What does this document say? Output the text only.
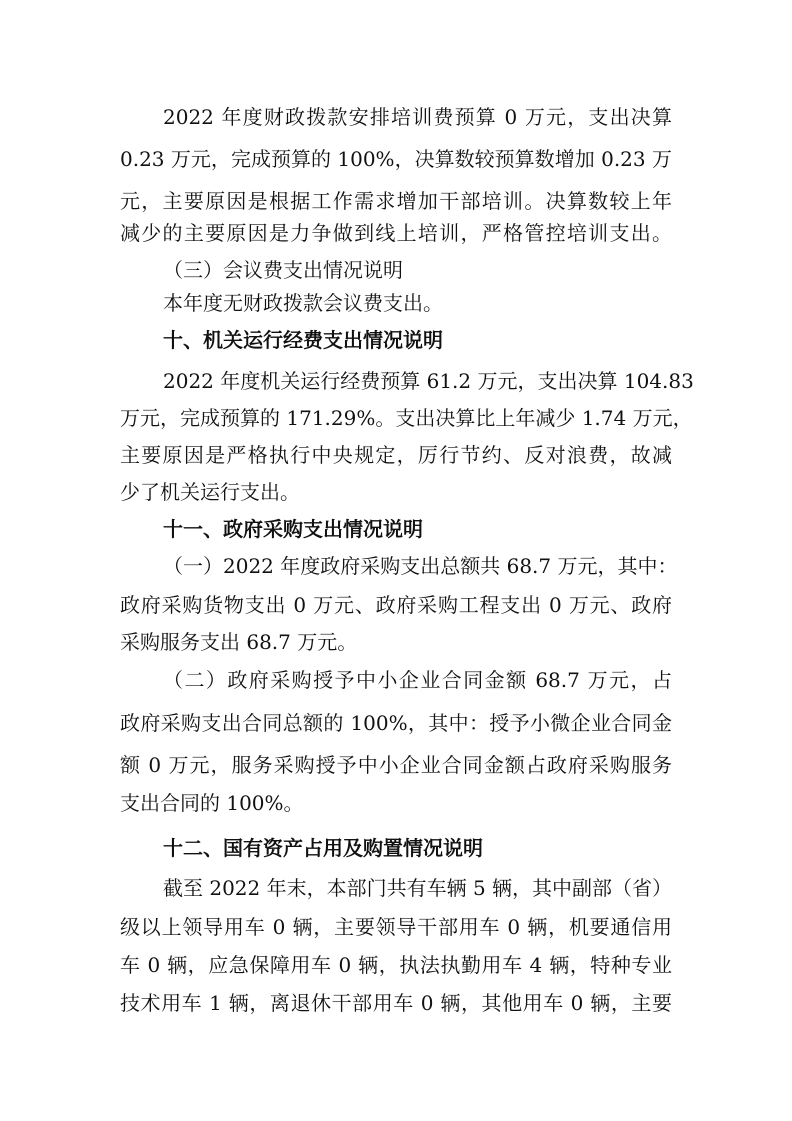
2022 年度财政拨款安排培训费预算 0 万元，支出决算
0.23 万元，完成预算的 100%，决算数较预算数增加 0.23 万
元，主要原因是根据工作需求增加干部培训。决算数较上年
减少的主要原因是力争做到线上培训，严格管控培训支出。
（三）会议费支出情况说明
本年度无财政拨款会议费支出。
十、机关运行经费支出情况说明
2022 年度机关运行经费预算 61.2 万元，支出决算 104.83
万元，完成预算的 171.29%。支出决算比上年减少 1.74 万元，
主要原因是严格执行中央规定，厉行节约、反对浪费，故减
少了机关运行支出。
十一、政府采购支出情况说明
（一）2022 年度政府采购支出总额共 68.7 万元，其中：
政府采购货物支出 0 万元、政府采购工程支出 0 万元、政府
采购服务支出 68.7 万元。
（二）政府采购授予中小企业合同金额 68.7 万元，占
政府采购支出合同总额的 100%，其中：授予小微企业合同金
额 0 万元，服务采购授予中小企业合同金额占政府采购服务
支出合同的 100%。
十二、国有资产占用及购置情况说明
截至 2022 年末，本部门共有车辆 5 辆，其中副部（省）
级以上领导用车 0 辆，主要领导干部用车 0 辆，机要通信用
车 0 辆，应急保障用车 0 辆，执法执勤用车 4 辆，特种专业
技术用车 1 辆，离退休干部用车 0 辆，其他用车 0 辆，主要
